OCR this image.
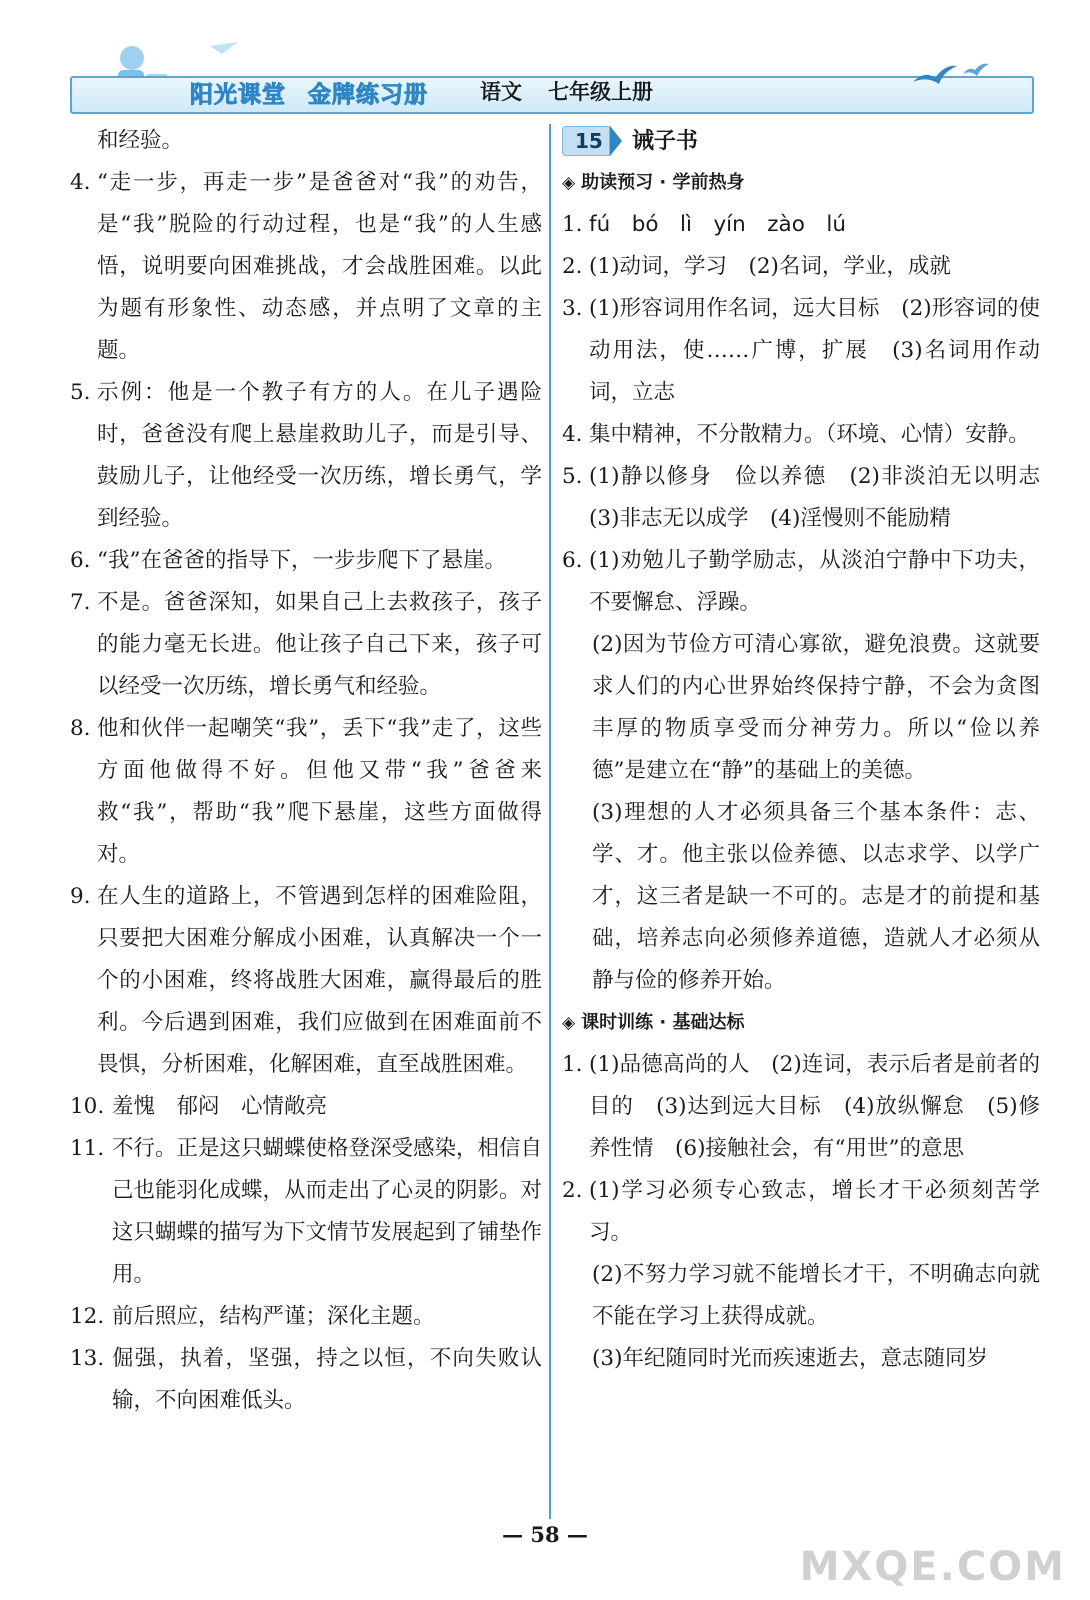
阳光课堂 金牌练习册	语文 七年级上册
和经验。
4. “走一步，再走一步”是爸爸对“我”的劝告，是“我”脱险的行动过程，也是“我”的人生感悟，说明要向困难挑战，才会战胜困难。以此为题有形象性、动态感，并点明了文章的主题。
5. 示例：他是一个教子有方的人。在儿子遇险时，爸爸没有爬上悬崖救助儿子，而是引导、鼓励儿子，让他经受一次历练，增长勇气，学到经验。
6. “我”在爸爸的指导下，一步步爬下了悬崖。
7. 不是。爸爸深知，如果自己上去救孩子，孩子的能力毫无长进。他让孩子自己下来，孩子可以经受一次历练，增长勇气和经验。
8. 他和伙伴一起嘲笑“我”，丢下“我”走了，这些方面他做得不好。但他又带“我”爸爸来救“我”，帮助“我”爬下悬崖，这些方面做得对。
9. 在人生的道路上，不管遇到怎样的困难险阻，只要把大困难分解成小困难，认真解决一个一个的小困难，终将战胜大困难，赢得最后的胜利。今后遇到困难，我们应做到在困难面前不畏惧，分析困难，化解困难，直至战胜困难。
10. 羞愧　郁闷　心情敞亮
11. 不行。正是这只蝴蝶使格登深受感染，相信自己也能羽化成蝶，从而走出了心灵的阴影。对这只蝴蝶的描写为下文情节发展起到了铺垫作用。
12. 前后照应，结构严谨；深化主题。
13. 倔强，执着，坚强，持之以恒，不向失败认输，不向困难低头。
15	诫子书
◈ 助读预习 · 学前热身
1. fú　bó　lì　yín　zào　lú
2. (1)动词，学习　(2)名词，学业，成就
3. (1)形容词用作名词，远大目标　(2)形容词的使动用法，使……广博，扩展　(3)名词用作动词，立志
4. 集中精神，不分散精力。（环境、心情）安静。
5. (1)静以修身　俭以养德　(2)非淡泊无以明志　(3)非志无以成学　(4)淫慢则不能励精
6. (1)劝勉儿子勤学励志，从淡泊宁静中下功夫，不要懈怠、浮躁。
(2)因为节俭方可清心寡欲，避免浪费。这就要求人们的内心世界始终保持宁静，不会为贪图丰厚的物质享受而分神劳力。所以“俭以养德”是建立在“静”的基础上的美德。
(3)理想的人才必须具备三个基本条件：志、学、才。他主张以俭养德、以志求学、以学广才，这三者是缺一不可的。志是才的前提和基础，培养志向必须修养道德，造就人才必须从静与俭的修养开始。
◈ 课时训练 · 基础达标
1. (1)品德高尚的人　(2)连词，表示后者是前者的目的　(3)达到远大目标　(4)放纵懈怠　(5)修养性情　(6)接触社会，有“用世”的意思
2. (1)学习必须专心致志，增长才干必须刻苦学习。
(2)不努力学习就不能增长才干，不明确志向就不能在学习上获得成就。
(3)年纪随同时光而疾速逝去，意志随同岁
— 58 —
MXQE.COM
